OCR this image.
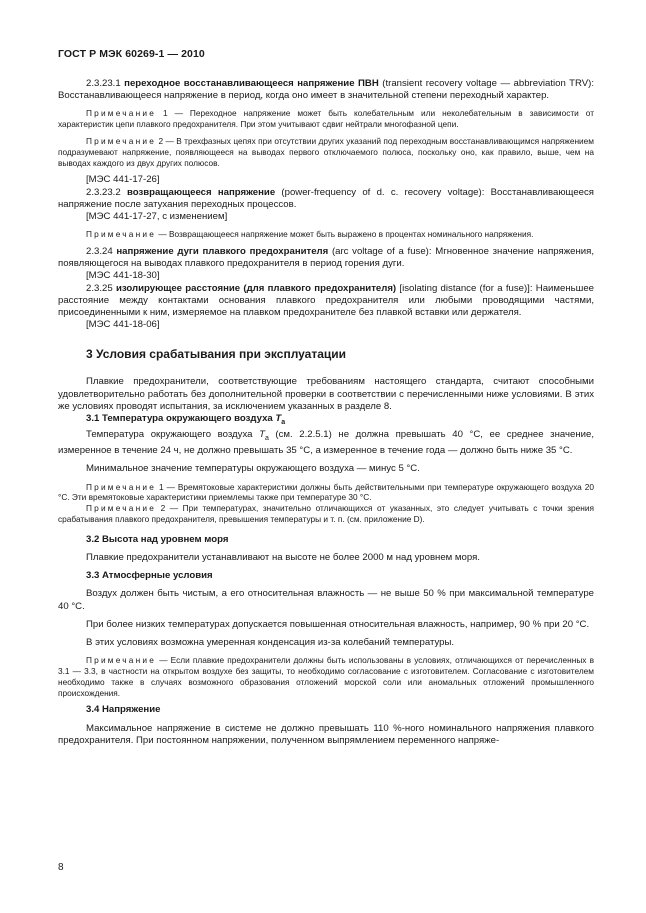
ГОСТ Р МЭК 60269-1 — 2010

2.3.23.1 переходное восстанавливающееся напряжение ПВН (transient recovery voltage — abbreviation TRV): Восстанавливающееся напряжение в период, когда оно имеет в значительной степени переходный характер.

Примечание 1 — Переходное напряжение может быть колебательным или неколебательным в зависимости от характеристик цепи плавкого предохранителя. При этом учитывают сдвиг нейтрали многофазной цепи.

Примечание 2 — В трехфазных цепях при отсутствии других указаний под переходным восстанавливающимся напряжением подразумевают напряжение, появляющееся на выводах первого отключаемого полюса, поскольку оно, как правило, выше, чем на выводах каждого из двух других полюсов.

[МЭС 441-17-26]

2.3.23.2 возвращающееся напряжение (power-frequency of d. c. recovery voltage): Восстанавливающееся напряжение после затухания переходных процессов.

[МЭС 441-17-27, с изменением]

Примечание — Возвращающееся напряжение может быть выражено в процентах номинального напряжения.

2.3.24 напряжение дуги плавкого предохранителя (arc voltage of a fuse): Мгновенное значение напряжения, появляющегося на выводах плавкого предохранителя в период горения дуги.

[МЭС 441-18-30]

2.3.25 изолирующее расстояние (для плавкого предохранителя) [isolating distance (for a fuse)]: Наименьшее расстояние между контактами основания плавкого предохранителя или любыми проводящими частями, присоединенными к ним, измеряемое на плавком предохранителе без плавкой вставки или держателя.

[МЭС 441-18-06]

3 Условия срабатывания при эксплуатации

Плавкие предохранители, соответствующие требованиям настоящего стандарта, считают способными удовлетворительно работать без дополнительной проверки в соответствии с перечисленными ниже условиями. В этих же условиях проводят испытания, за исключением указанных в разделе 8.

3.1 Температура окружающего воздуха $T_a$

Температура окружающего воздуха $T_a$ (см. 2.2.5.1) не должна превышать 40 °С, ее среднее значение, измеренное в течение 24 ч, не должно превышать 35 °С, а измеренное в течение года — должно быть ниже 35 °С.

Минимальное значение температуры окружающего воздуха — минус 5 °С.

Примечание 1 — Времятоковые характеристики должны быть действительными при температуре окружающего воздуха 20 °С. Эти времятоковые характеристики приемлемы также при температуре 30 °С.

Примечание 2 — При температурах, значительно отличающихся от указанных, это следует учитывать с точки зрения срабатывания плавкого предохранителя, превышения температуры и т. п. (см. приложение D).

3.2 Высота над уровнем моря

Плавкие предохранители устанавливают на высоте не более 2000 м над уровнем моря.

3.3 Атмосферные условия

Воздух должен быть чистым, а его относительная влажность — не выше 50 % при максимальной температуре 40 °С.

При более низких температурах допускается повышенная относительная влажность, например, 90 % при 20 °С.

В этих условиях возможна умеренная конденсация из-за колебаний температуры.

Примечание — Если плавкие предохранители должны быть использованы в условиях, отличающихся от перечисленных в 3.1 — 3.3, в частности на открытом воздухе без защиты, то необходимо согласование с изготовителем. Согласование с изготовителем необходимо также в случаях возможного образования отложений морской соли или аномальных отложений промышленного происхождения.

3.4 Напряжение

Максимальное напряжение в системе не должно превышать 110 %-ного номинального напряжения плавкого предохранителя. При постоянном напряжении, полученном выпрямлением переменного напряже-

8
